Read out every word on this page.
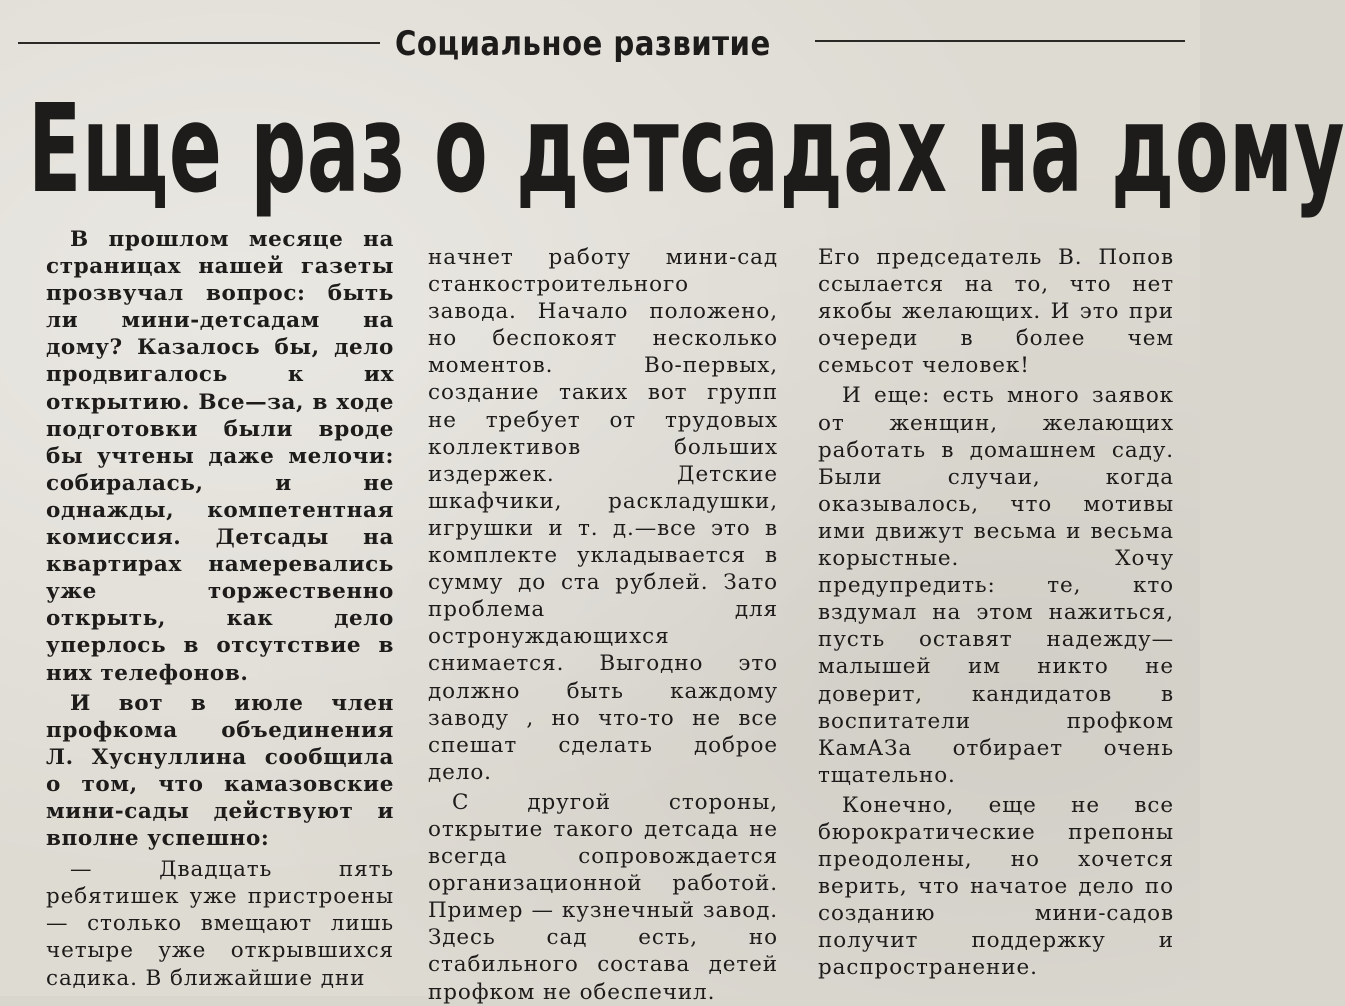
Социальное развитие
Еще раз о детсадах на дому

В прошлом месяце на страницах нашей газеты прозвучал вопрос: быть ли мини-детсадам на дому? Казалось бы, дело продвигалось к их открытию. Все—за, в ходе подготовки были вроде бы учтены даже мелочи: собиралась, и не однажды, компетентная комиссия. Детсады на квартирах намеревались уже торжественно открыть, как дело уперлось в отсутствие в них телефонов.

И вот в июле член профкома объединения Л. Хуснуллина сообщила о том, что камазовские мини-сады действуют и вполне успешно:

— Двадцать пять ребятишек уже пристроены — столько вмещают лишь четыре уже открывшихся садика. В ближайшие дни

начнет работу мини-сад станкостроительного завода. Начало положено, но беспокоят несколько моментов. Во-первых, создание таких вот групп не требует от трудовых коллективов больших издержек. Детские шкафчики, раскладушки, игрушки и т. д.—все это в комплекте укладывается в сумму до ста рублей. Зато проблема для остронуждающихся снимается. Выгодно это должно быть каждому заводу , но что-то не все спешат сделать доброе дело.

С другой стороны, открытие такого детсада не всегда сопровождается организационной работой. Пример — кузнечный завод. Здесь сад есть, но стабильного состава детей профком не обеспечил.

Его председатель В. Попов ссылается на то, что нет якобы желающих. И это при очереди в более чем семьсот человек!

И еще: есть много заявок от женщин, желающих работать в домашнем саду. Были случаи, когда оказывалось, что мотивы ими движут весьма и весьма корыстные. Хочу предупредить: те, кто вздумал на этом нажиться, пусть оставят надежду—малышей им никто не доверит, кандидатов в воспитатели профком КамАЗа отбирает очень тщательно.

Конечно, еще не все бюрократические препоны преодолены, но хочется верить, что начатое дело по созданию мини-садов получит поддержку и распространение.
